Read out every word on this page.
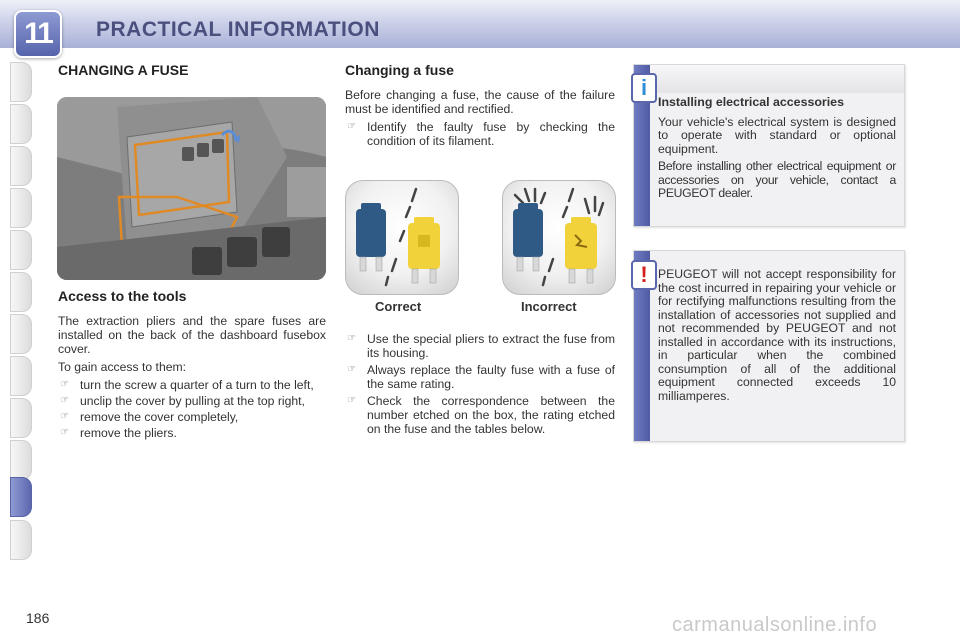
11	PRACTICAL INFORMATION
CHANGING A FUSE
Access to the tools

The extraction pliers and the spare fuses are installed on the back of the dashboard fusebox cover.

To gain access to them:

☞ turn the screw a quarter of a turn to the left,
☞ unclip the cover by pulling at the top right,
☞ remove the cover completely,
☞ remove the pliers.
Changing a fuse

Before changing a fuse, the cause of the failure must be identified and rectified.

☞ Identify the faulty fuse by checking the condition of its filament.
Correct	Incorrect
☞ Use the special pliers to extract the fuse from its housing.
☞ Always replace the faulty fuse with a fuse of the same rating.
☞ Check the correspondence between the number etched on the box, the rating etched on the fuse and the tables below.
i

Installing electrical accessories

Your vehicle's electrical system is designed to operate with standard or optional equipment.

Before installing other electrical equipment or accessories on your vehicle, contact a PEUGEOT dealer.

! PEUGEOT will not accept responsibility for the cost incurred in repairing your vehicle or for rectifying malfunctions resulting from the installation of accessories not supplied and not recommended by PEUGEOT and not installed in accordance with its instructions, in particular when the combined consumption of all of the additional equipment connected exceeds 10 milliamperes.

186	carmanualsonline.info
